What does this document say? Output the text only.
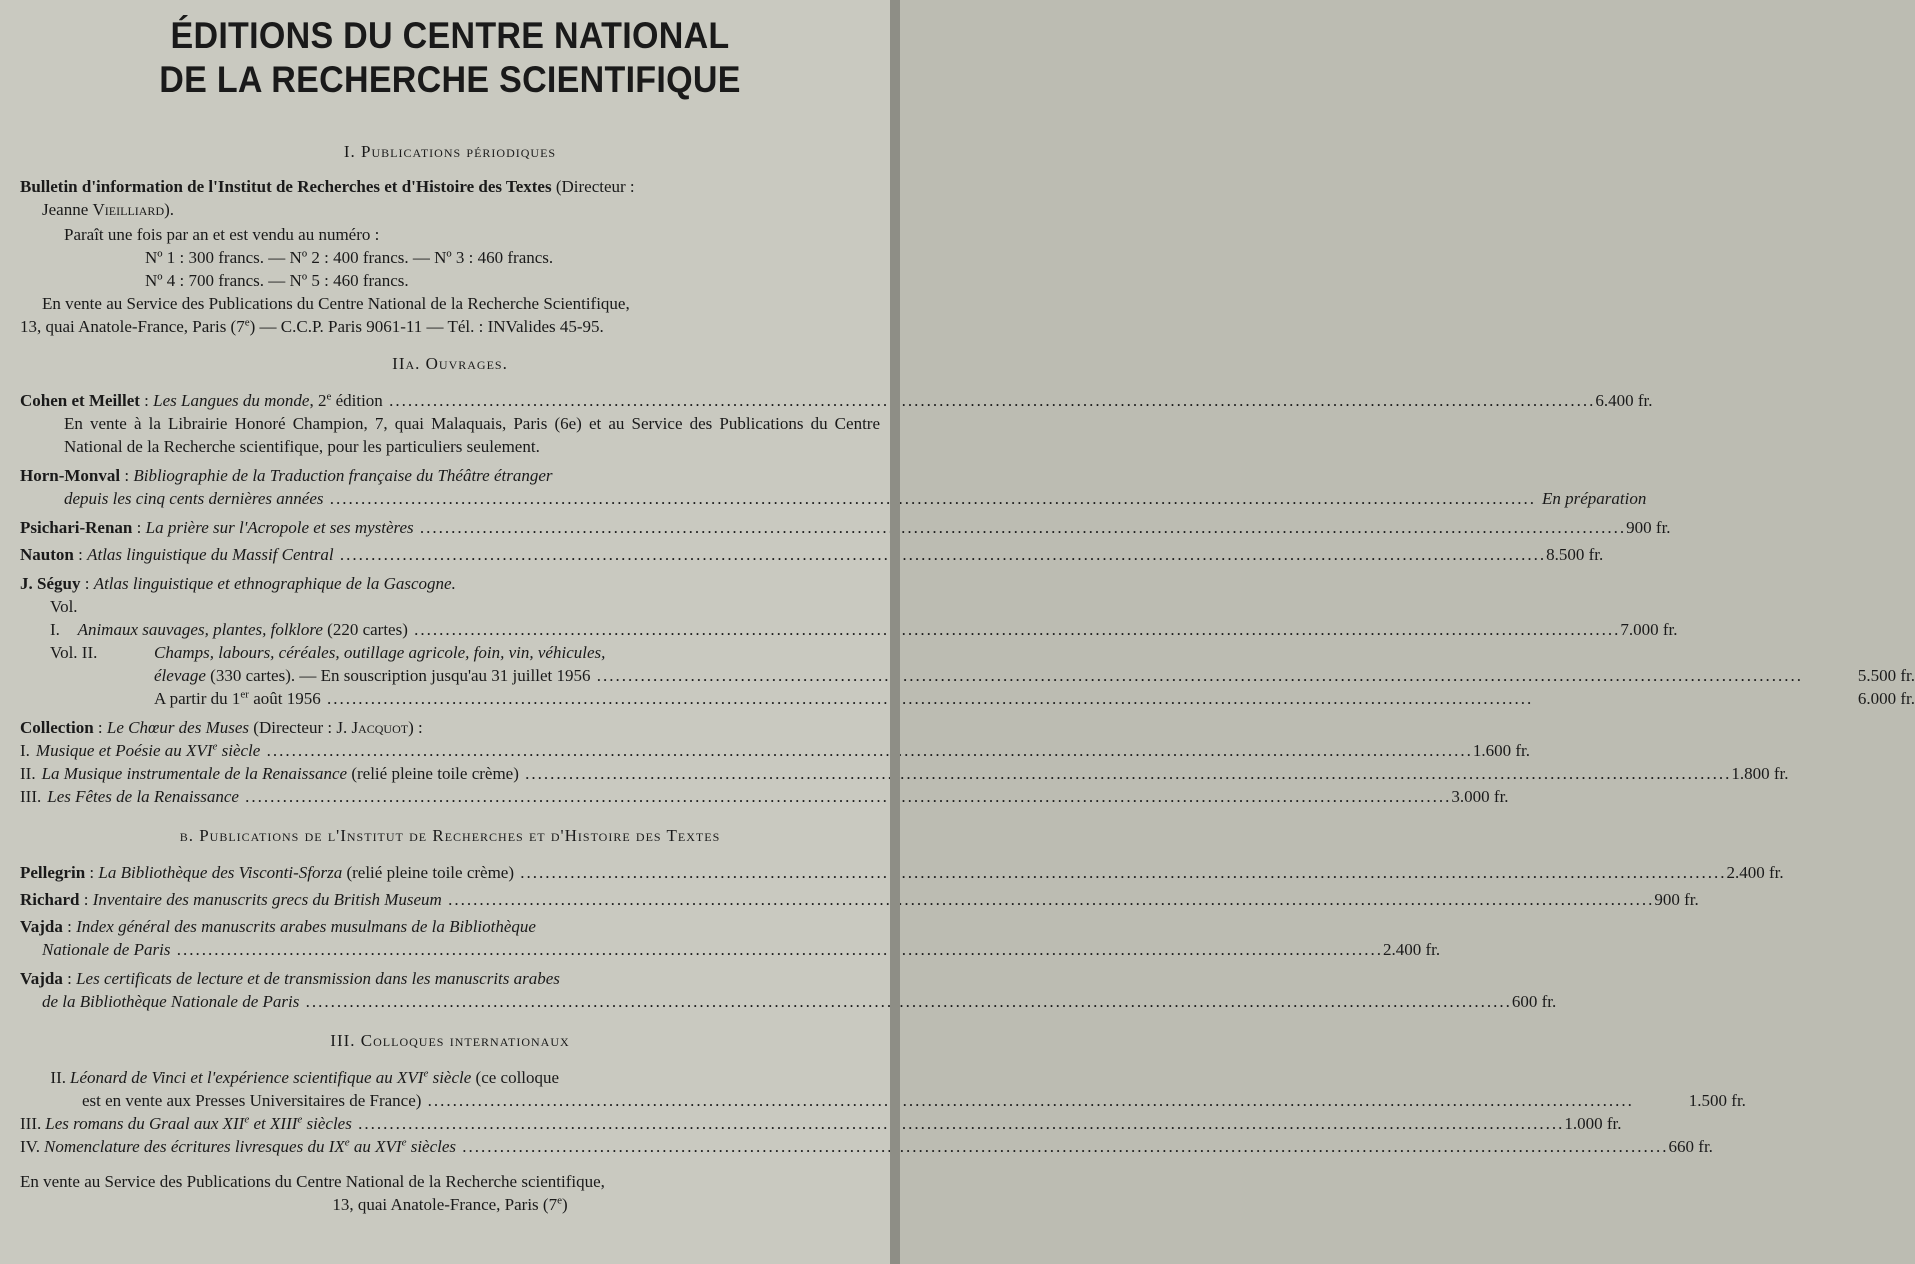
ÉDITIONS DU CENTRE NATIONAL
DE LA RECHERCHE SCIENTIFIQUE

I. Publications périodiques

Bulletin d'information de l'Institut de Recherches et d'Histoire des Textes (Directeur :
Jeanne Vieilliard).
Paraît une fois par an et est vendu au numéro :
Nº 1 : 300 francs. — Nº 2 : 400 francs. — Nº 3 : 460 francs.
Nº 4 : 700 francs. — Nº 5 : 460 francs.
En vente au Service des Publications du Centre National de la Recherche Scientifique,
13, quai Anatole-France, Paris (7e) — C.C.P. Paris 9061-11 — Tél. : INValides 45-95.

IIa. Ouvrages.

Cohen et Meillet : Les Langues du monde, 2e édition .....	6.400 fr.
En vente à la Librairie Honoré Champion, 7, quai Malaquais, Paris (6e) et au Service des Publications du Centre National de la Recherche scientifique, pour les particuliers seulement.
Horn-Monval : Bibliographie de la Traduction française du Théâtre étranger
depuis les cinq cents dernières années .....	En préparation
Psichari-Renan : La prière sur l'Acropole et ses mystères .....	900 fr.
Nauton : Atlas linguistique du Massif Central .....	8.500 fr.
J. Séguy : Atlas linguistique et ethnographique de la Gascogne.
Vol. I.	Animaux sauvages, plantes, folklore (220 cartes) .....	7.000 fr.
Vol. II.	Champs, labours, céréales, outillage agricole, foin, vin, véhicules,
élevage (330 cartes). — En souscription jusqu'au 31 juillet 1956 .....	5.500 fr.
A partir du 1er août 1956 .....	6.000 fr.
Collection : Le Chœur des Muses (Directeur : J. Jacquot) :
I. Musique et Poésie au XVIe siècle .....	1.600 fr.
II. La Musique instrumentale de la Renaissance (relié pleine toile crème) .....	1.800 fr.
III. Les Fêtes de la Renaissance .....	3.000 fr.

b. Publications de l'Institut de Recherches et d'Histoire des Textes

Pellegrin : La Bibliothèque des Visconti-Sforza (relié pleine toile crème) .....	2.400 fr.
Richard : Inventaire des manuscrits grecs du British Museum .....	900 fr.
Vajda : Index général des manuscrits arabes musulmans de la Bibliothèque
Nationale de Paris .....	2.400 fr.
Vajda : Les certificats de lecture et de transmission dans les manuscrits arabes
de la Bibliothèque Nationale de Paris .....	600 fr.

III. Colloques internationaux

II. Léonard de Vinci et l'expérience scientifique au XVIe siècle (ce colloque
est en vente aux Presses Universitaires de France) .....	1.500 fr.
III. Les romans du Graal aux XIIe et XIIIe siècles .....	1.000 fr.
IV. Nomenclature des écritures livresques du IXe au XVIe siècles .....	660 fr.
En vente au Service des Publications du Centre National de la Recherche scientifique,
13, quai Anatole-France, Paris (7e)
